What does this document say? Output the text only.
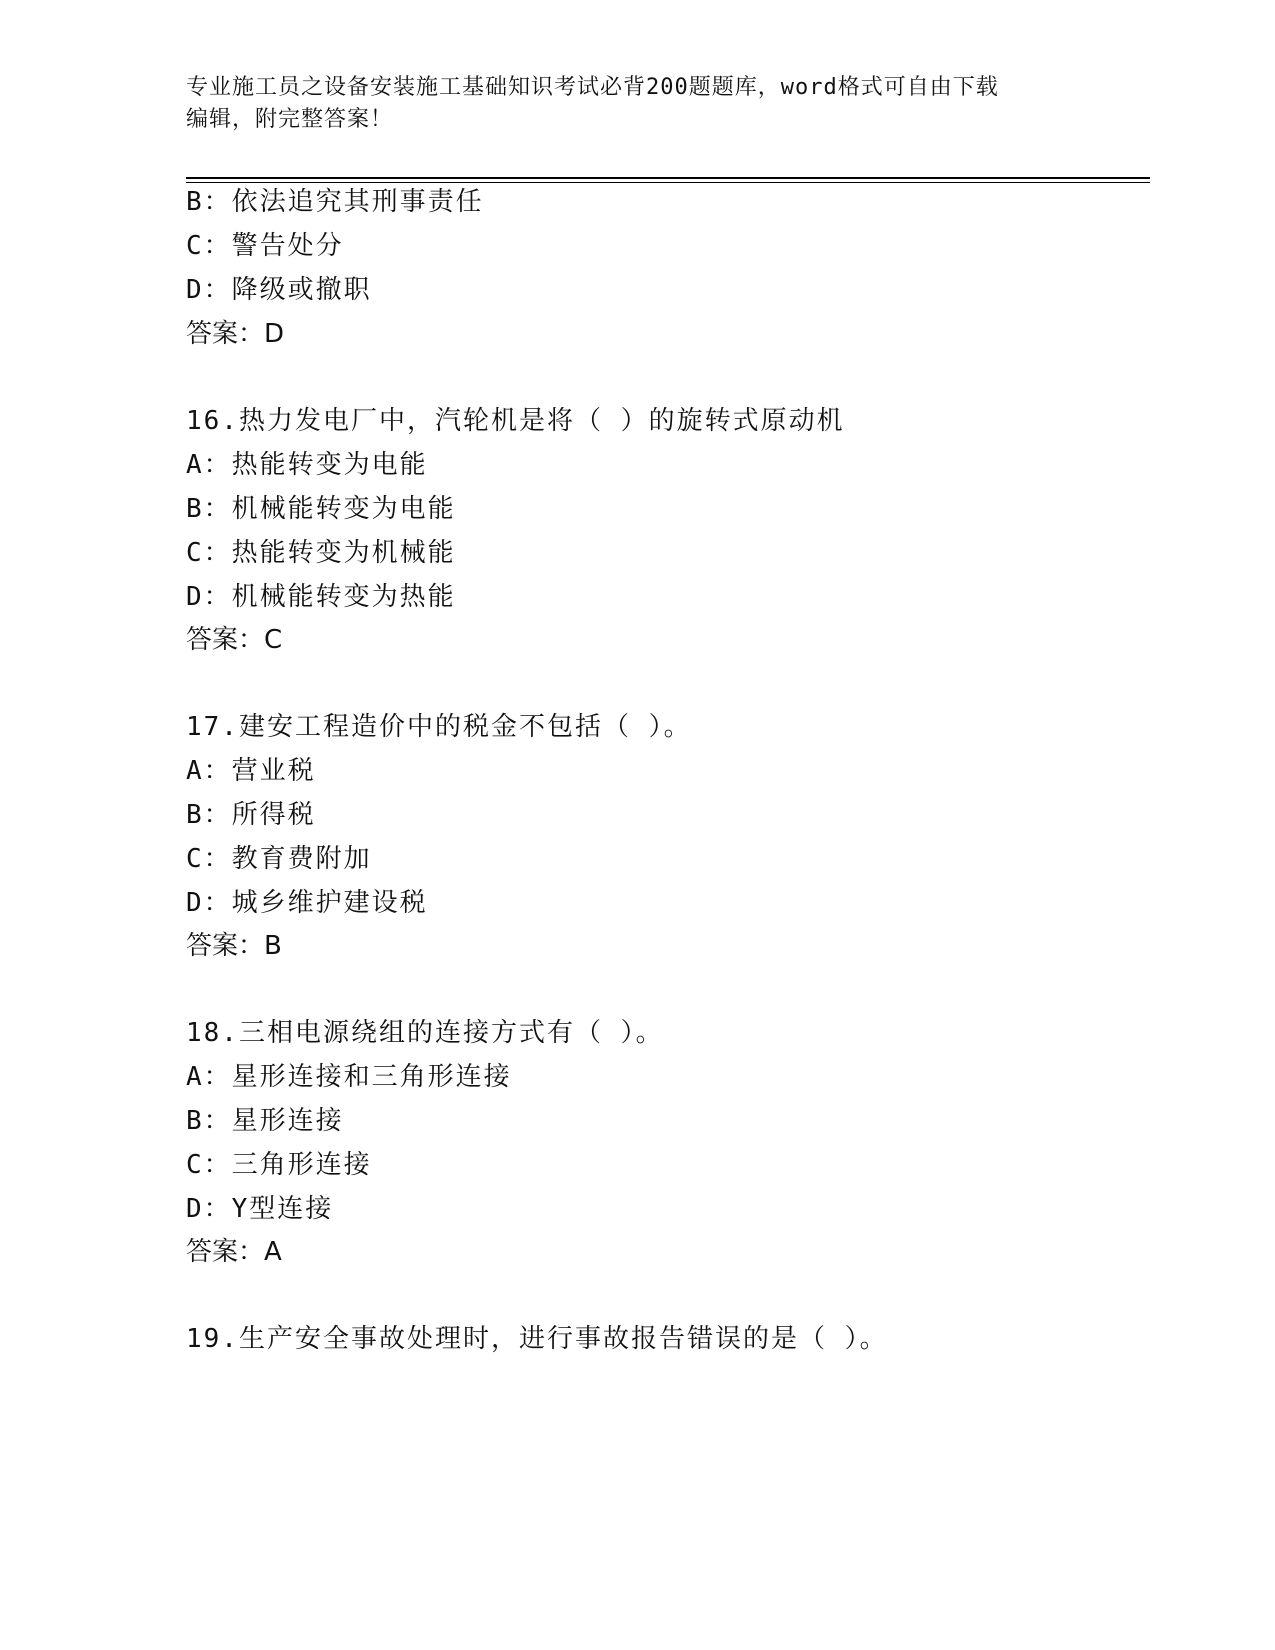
专业施工员之设备安装施工基础知识考试必背200题题库，word格式可自由下载
编辑，附完整答案！
B：依法追究其刑事责任
C：警告处分
D：降级或撤职
答案：D
16.热力发电厂中，汽轮机是将（ ）的旋转式原动机
A：热能转变为电能
B：机械能转变为电能
C：热能转变为机械能
D：机械能转变为热能
答案：C
17.建安工程造价中的税金不包括（ ）。
A：营业税
B：所得税
C：教育费附加
D：城乡维护建设税
答案：B
18.三相电源绕组的连接方式有（ ）。
A：星形连接和三角形连接
B：星形连接
C：三角形连接
D：Y型连接
答案：A
19.生产安全事故处理时，进行事故报告错误的是（ ）。
